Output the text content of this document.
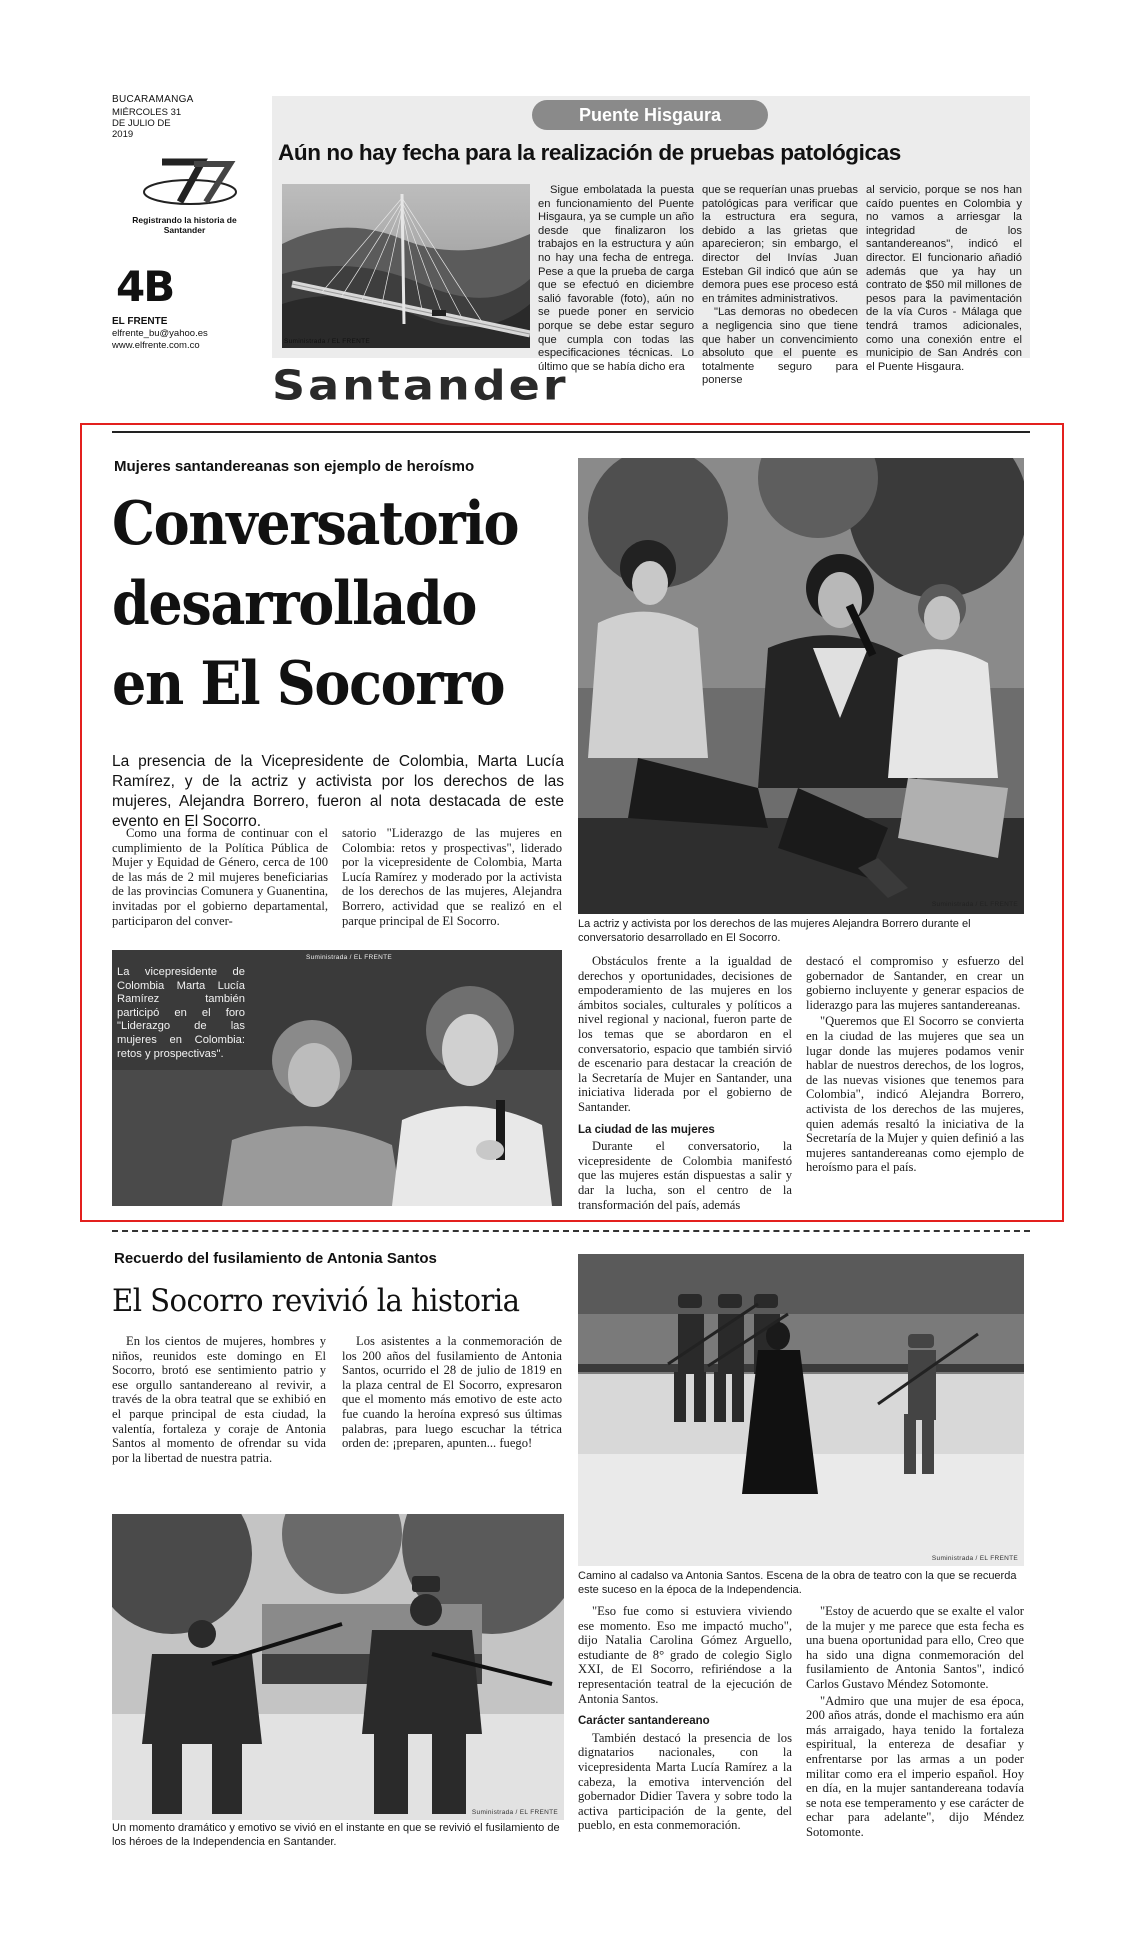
BUCARAMANGA
MIÉRCOLES 31 DE JULIO DE 2019
Registrando la historia de Santander
4B
EL FRENTE
elfrente_bu@yahoo.es
www.elfrente.com.co
Puente Hisgaura
Aún no hay fecha para la realización de pruebas patológicas
Suministrada / EL FRENTE

Sigue embolatada la puesta en funcionamiento del Puente Hisgaura, ya se cumple un año desde que finalizaron los trabajos en la estructura y aún no hay una fecha de entrega. Pese a que la prueba de carga que se efectuó en diciembre salió favorable (foto), aún no se puede poner en servicio porque se debe estar seguro que cumpla con todas las especificaciones técnicas. Lo último que se había dicho era

que se requerían unas pruebas patológicas para verificar que la estructura era segura, debido a las grietas que aparecieron; sin embargo, el director del Invías Juan Esteban Gil indicó que aún se demora pues ese proceso está en trámites administrativos.

"Las demoras no obedecen a negligencia sino que tiene que haber un convencimiento absoluto que el puente es totalmente seguro para ponerse

al servicio, porque se nos han caído puentes en Colombia y no vamos a arriesgar la integridad de los santandereanos", indicó el director. El funcionario añadió además que ya hay un contrato de $50 mil millones de pesos para la pavimentación de la vía Curos - Málaga que tendrá tramos adicionales, como una conexión entre el municipio de San Andrés con el Puente Hisgaura.

Santander
Mujeres santandereanas son ejemplo de heroísmo
Conversatorio
desarrollado
en El Socorro
La presencia de la Vicepresidente de Colombia, Marta Lucía Ramírez, y de la actriz y activista por los derechos de las mujeres, Alejandra Borrero, fueron al nota destacada de este evento en El Socorro.

Como una forma de continuar con el cumplimiento de la Política Pública de Mujer y Equidad de Género, cerca de 100 de las más de 2 mil mujeres beneficiarias de las provincias Comunera y Guanentina, invitadas por el gobierno departamental, participaron del conver-

satorio "Liderazgo de las mujeres en Colombia: retos y prospectivas", liderado por la vicepresidente de Colombia, Marta Lucía Ramírez y moderado por la activista de los derechos de las mujeres, Alejandra Borrero, actividad que se realizó en el parque principal de El Socorro.

Suministrada / EL FRENTE
La actriz y activista por los derechos de las mujeres Alejandra Borrero durante el conversatorio desarrollado en El Socorro.
Suministrada / EL FRENTE
La vicepresidente de Colombia Marta Lucía Ramírez también participó en el foro "Liderazgo de las mujeres en Colombia: retos y prospectivas".

Obstáculos frente a la igualdad de derechos y oportunidades, decisiones de empoderamiento de las mujeres en los ámbitos sociales, culturales y políticos a nivel regional y nacional, fueron parte de los temas que se abordaron en el conversatorio, espacio que también sirvió de escenario para destacar la creación de la Secretaría de Mujer en Santander, una iniciativa liderada por el gobierno de Santander.

La ciudad de las mujeres

Durante el conversatorio, la vicepresidente de Colombia manifestó que las mujeres están dispuestas a salir y dar la lucha, son el centro de la transformación del país, además

destacó el compromiso y esfuerzo del gobernador de Santander, en crear un gobierno incluyente y generar espacios de liderazgo para las mujeres santandereanas.

"Queremos que El Socorro se convierta en la ciudad de las mujeres que sea un lugar donde las mujeres podamos venir hablar de nuestros derechos, de los logros, de las nuevas visiones que tenemos para Colombia", indicó Alejandra Borrero, activista de los derechos de las mujeres, quien además resaltó la iniciativa de la Secretaría de la Mujer y quien definió a las mujeres santandereanas como ejemplo de heroísmo para el país.

Recuerdo del fusilamiento de Antonia Santos
El Socorro revivió la historia

En los cientos de mujeres, hombres y niños, reunidos este domingo en El Socorro, brotó ese sentimiento patrio y ese orgullo santandereano al revivir, a través de la obra teatral que se exhibió en el parque principal de esta ciudad, la valentía, fortaleza y coraje de Antonia Santos al momento de ofrendar su vida por la libertad de nuestra patria.

Los asistentes a la conmemoración de los 200 años del fusilamiento de Antonia Santos, ocurrido el 28 de julio de 1819 en la plaza central de El Socorro, expresaron que el momento más emotivo de este acto fue cuando la heroína expresó sus últimas palabras, para luego escuchar la tétrica orden de: ¡preparen, apunten... fuego!

Suministrada / EL FRENTE
Camino al cadalso va Antonia Santos. Escena de la obra de teatro con la que se recuerda este suceso en la época de la Independencia.
Suministrada / EL FRENTE
Un momento dramático y emotivo se vivió en el instante en que se revivió el fusilamiento de los héroes de la Independencia en Santander.

"Eso fue como si estuviera viviendo ese momento. Eso me impactó mucho", dijo Natalia Carolina Gómez Arguello, estudiante de 8° grado de colegio Siglo XXI, de El Socorro, refiriéndose a la representación teatral de la ejecución de Antonia Santos.

Carácter santandereano

También destacó la presencia de los dignatarios nacionales, con la vicepresidenta Marta Lucía Ramírez a la cabeza, la emotiva intervención del gobernador Didier Tavera y sobre todo la activa participación de la gente, del pueblo, en esta conmemoración.

"Estoy de acuerdo que se exalte el valor de la mujer y me parece que esta fecha es una buena oportunidad para ello, Creo que ha sido una digna conmemoración del fusilamiento de Antonia Santos", indicó Carlos Gustavo Méndez Sotomonte.

"Admiro que una mujer de esa época, 200 años atrás, donde el machismo era aún más arraigado, haya tenido la fortaleza espiritual, la entereza de desafiar y enfrentarse por las armas a un poder militar como era el imperio español. Hoy en día, en la mujer santandereana todavía se nota ese temperamento y ese carácter de echar para adelante", dijo Méndez Sotomonte.
